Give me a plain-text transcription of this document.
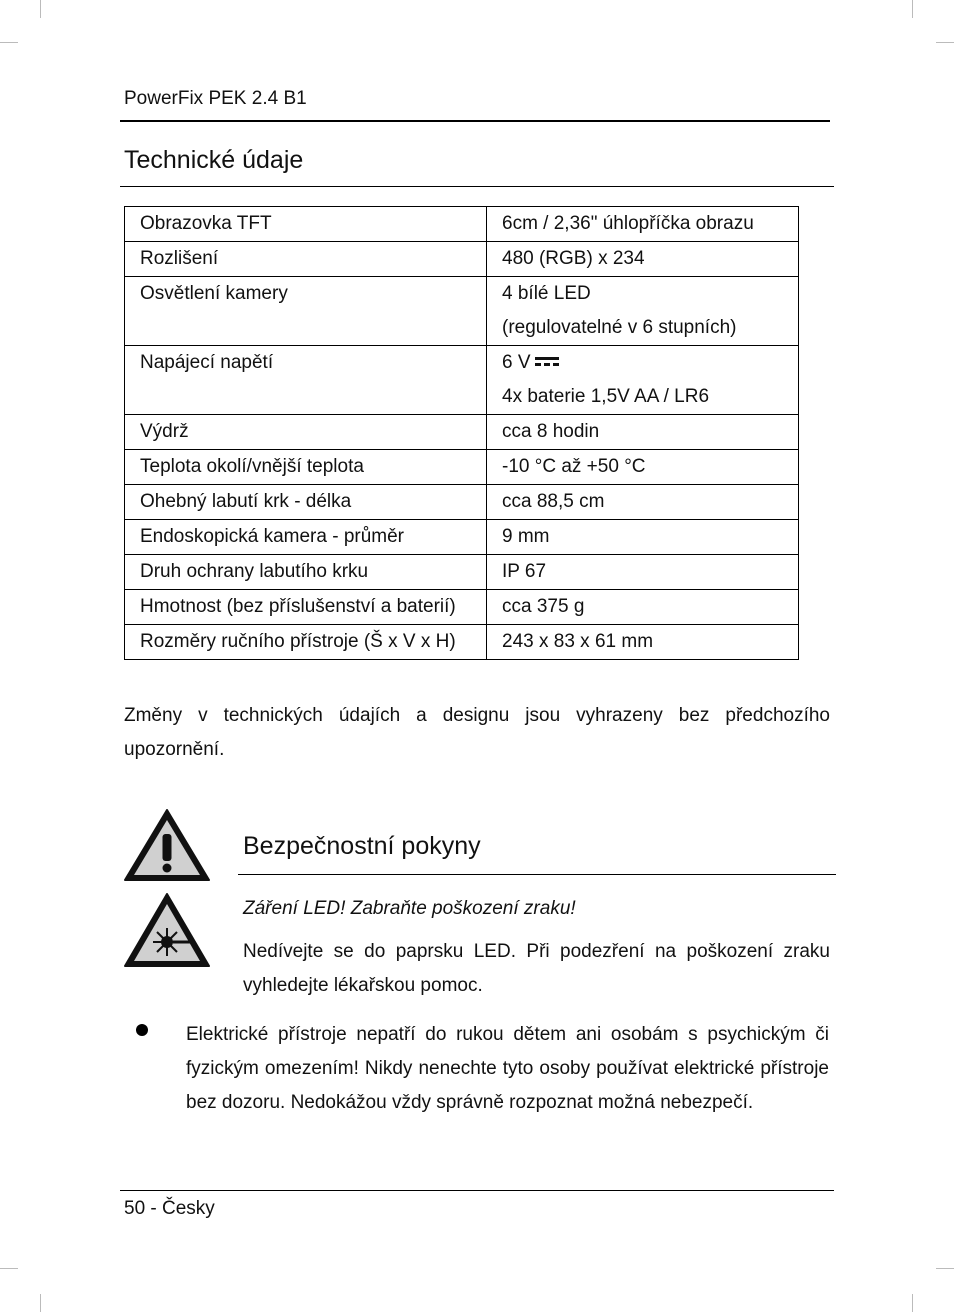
PowerFix PEK 2.4 B1
Technické údaje
Obrazovka TFT	6cm / 2,36" úhlopříčka obrazu
Rozlišení	480 (RGB) x 234
Osvětlení kamery	4 bílé LED
(regulovatelné v 6 stupních)

Napájecí napětí	6 V
4x baterie 1,5V AA / LR6

Výdrž	cca 8 hodin
Teplota okolí/vnější teplota	-10 °C až +50 °C
Ohebný labutí krk - délka	cca 88,5 cm
Endoskopická kamera - průměr	9 mm
Druh ochrany labutího krku	IP 67
Hmotnost (bez příslušenství a baterií)	cca 375 g
Rozměry ručního přístroje (Š x V x H)	243 x 83 x 61 mm
Změny v technických údajích a designu jsou vyhrazeny bez předchozího upozornění.
Bezpečnostní pokyny
Záření LED! Zabraňte poškození zraku!
Nedívejte se do paprsku LED. Při podezření na poškození zraku vyhledejte lékařskou pomoc.
Elektrické přístroje nepatří do rukou dětem ani osobám s psychickým či fyzickým omezením! Nikdy nenechte tyto osoby používat elektrické přístroje bez dozoru. Nedokážou vždy správně rozpoznat možná nebezpečí.
50 - Česky
